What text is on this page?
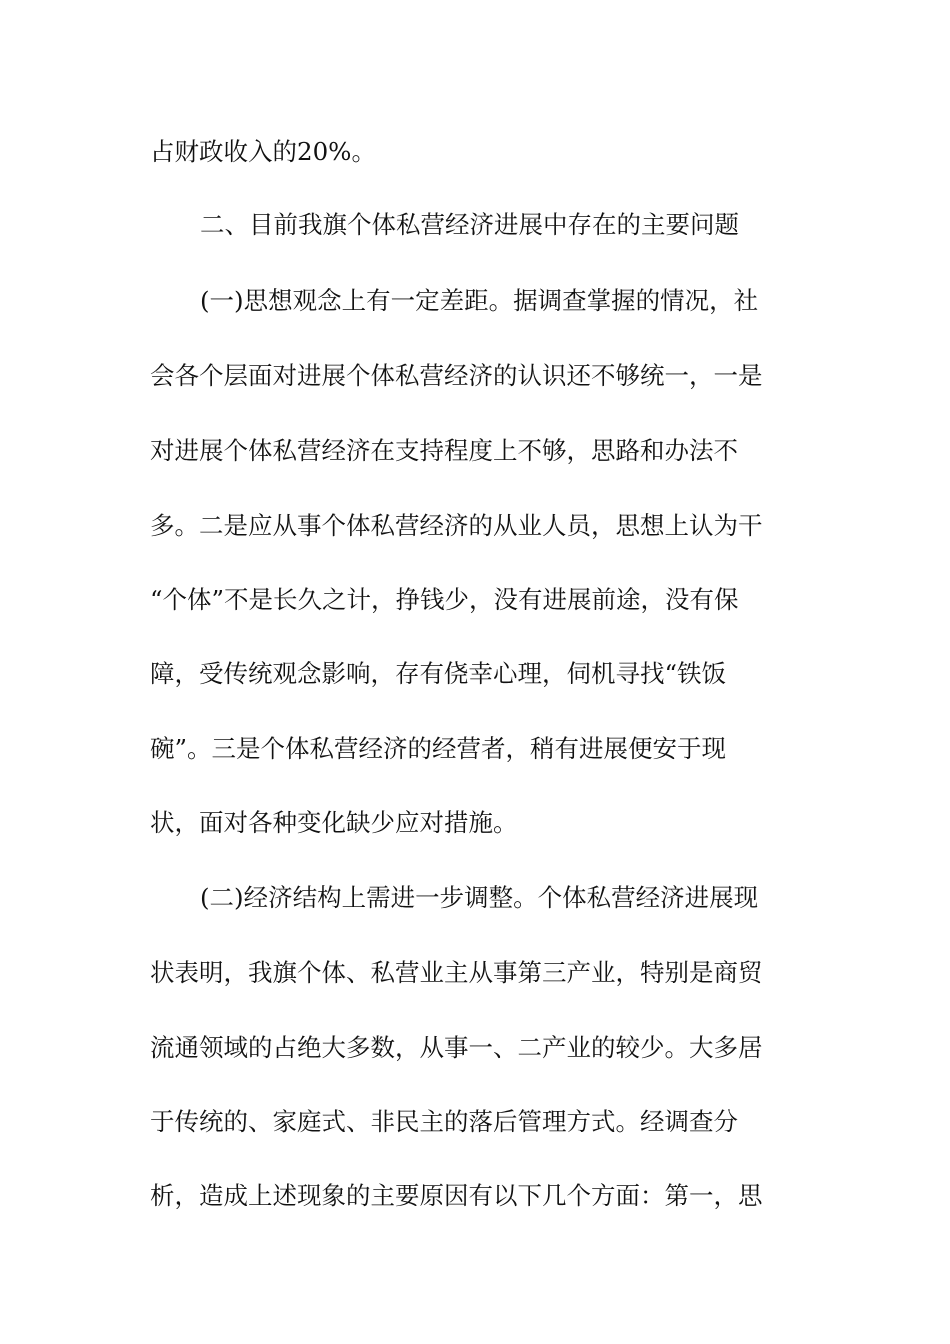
占财政收入的20%。
二、目前我旗个体私营经济进展中存在的主要问题
(一)思想观念上有一定差距。据调查掌握的情况，社
会各个层面对进展个体私营经济的认识还不够统一，一是
对进展个体私营经济在支持程度上不够，思路和办法不
多。二是应从事个体私营经济的从业人员，思想上认为干
“个体”不是长久之计，挣钱少，没有进展前途，没有保
障，受传统观念影响，存有侥幸心理，伺机寻找“铁饭
碗”。三是个体私营经济的经营者，稍有进展便安于现
状，面对各种变化缺少应对措施。
(二)经济结构上需进一步调整。个体私营经济进展现
状表明，我旗个体、私营业主从事第三产业，特别是商贸
流通领域的占绝大多数，从事一、二产业的较少。大多居
于传统的、家庭式、非民主的落后管理方式。经调查分
析，造成上述现象的主要原因有以下几个方面：第一，思
